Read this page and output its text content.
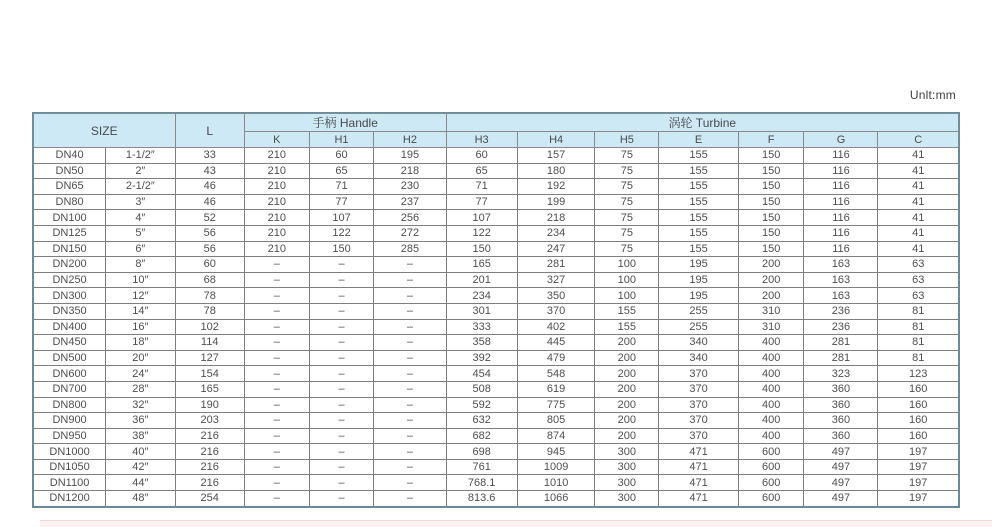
Unlt:mm
SIZE		L	手柄 Handle			涡轮 Turbine						
			K	H1	H2	H3	H4	H5	E	F	G	C
DN40	1-1/2″	33	210	60	195	60	157	75	155	150	116	41
DN50	2″	43	210	65	218	65	180	75	155	150	116	41
DN65	2-1/2″	46	210	71	230	71	192	75	155	150	116	41
DN80	3″	46	210	77	237	77	199	75	155	150	116	41
DN100	4″	52	210	107	256	107	218	75	155	150	116	41
DN125	5″	56	210	122	272	122	234	75	155	150	116	41
DN150	6″	56	210	150	285	150	247	75	155	150	116	41
DN200	8″	60	–	–	–	165	281	100	195	200	163	63
DN250	10″	68	–	–	–	201	327	100	195	200	163	63
DN300	12″	78	–	–	–	234	350	100	195	200	163	63
DN350	14″	78	–	–	–	301	370	155	255	310	236	81
DN400	16″	102	–	–	–	333	402	155	255	310	236	81
DN450	18″	114	–	–	–	358	445	200	340	400	281	81
DN500	20″	127	–	–	–	392	479	200	340	400	281	81
DN600	24″	154	–	–	–	454	548	200	370	400	323	123
DN700	28″	165	–	–	–	508	619	200	370	400	360	160
DN800	32″	190	–	–	–	592	775	200	370	400	360	160
DN900	36″	203	–	–	–	632	805	200	370	400	360	160
DN950	38″	216	–	–	–	682	874	200	370	400	360	160
DN1000	40″	216	–	–	–	698	945	300	471	600	497	197
DN1050	42″	216	–	–	–	761	1009	300	471	600	497	197
DN1100	44″	216	–	–	–	768.1	1010	300	471	600	497	197
DN1200	48″	254	–	–	–	813.6	1066	300	471	600	497	197
